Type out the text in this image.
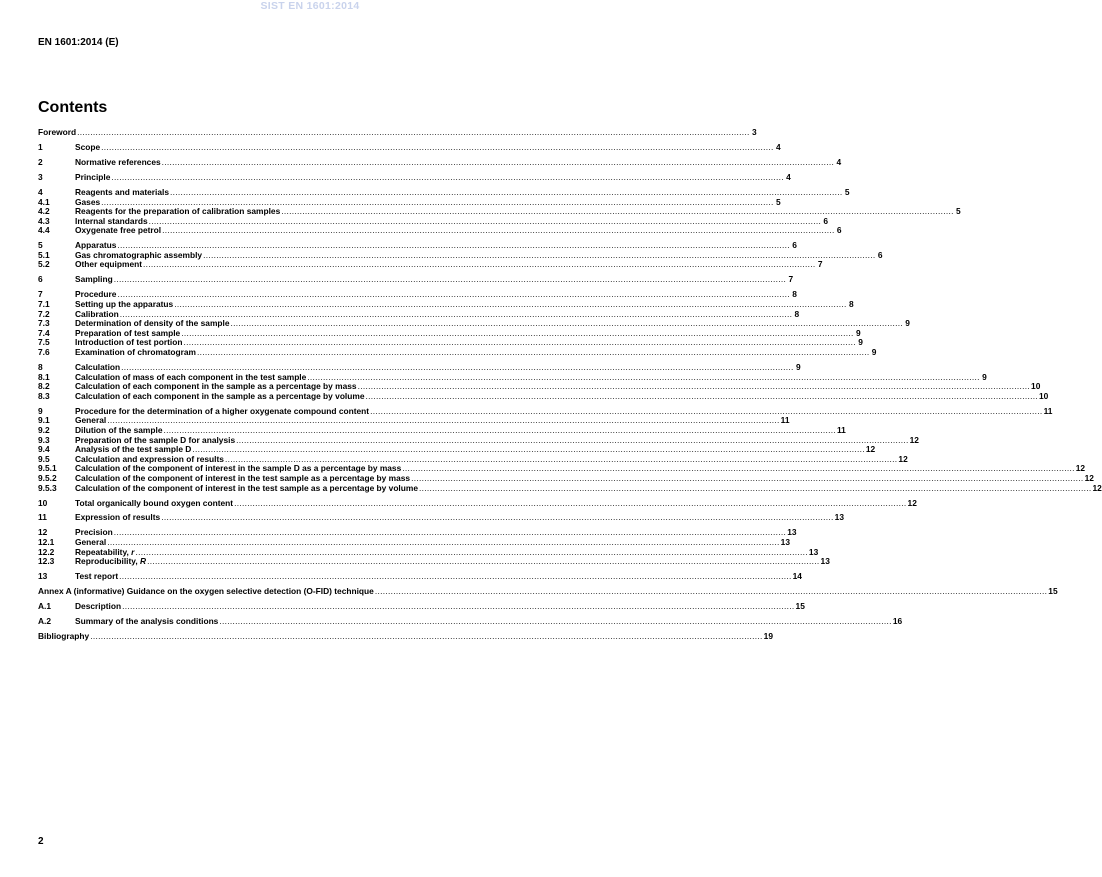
SIST EN 1601:2014
EN 1601:2014 (E)
Contents
Foreword .....	3
1	Scope .....	4
2	Normative references .....	4
3	Principle .....	4
4	Reagents and materials .....	5
4.1	Gases .....	5
4.2	Reagents for the preparation of calibration samples .....	5
4.3	Internal standards .....	6
4.4	Oxygenate free petrol .....	6
5	Apparatus .....	6
5.1	Gas chromatographic assembly .....	6
5.2	Other equipment .....	7
6	Sampling .....	7
7	Procedure .....	8
7.1	Setting up the apparatus .....	8
7.2	Calibration .....	8
7.3	Determination of density of the sample .....	9
7.4	Preparation of test sample .....	9
7.5	Introduction of test portion .....	9
7.6	Examination of chromatogram .....	9
8	Calculation .....	9
8.1	Calculation of mass of each component in the test sample .....	9
8.2	Calculation of each component in the sample as a percentage by mass .....	10
8.3	Calculation of each component in the sample as a percentage by volume .....	10
9	Procedure for the determination of a higher oxygenate compound content .....	11
9.1	General .....	11
9.2	Dilution of the sample .....	11
9.3	Preparation of the sample D for analysis .....	12
9.4	Analysis of the test sample D .....	12
9.5	Calculation and expression of results .....	12
9.5.1	Calculation of the component of interest in the sample D as a percentage by mass .....	12
9.5.2	Calculation of the component of interest in the test sample as a percentage by mass .....	12
9.5.3	Calculation of the component of interest in the test sample as a percentage by volume .....	12
10	Total organically bound oxygen content .....	12
11	Expression of results .....	13
12	Precision .....	13
12.1	General .....	13
12.2	Repeatability, r .....	13
12.3	Reproducibility, R .....	13
13	Test report .....	14
Annex A (informative) Guidance on the oxygen selective detection (O-FID) technique .....	15
A.1	Description .....	15
A.2	Summary of the analysis conditions .....	16
Bibliography .....	19
2
